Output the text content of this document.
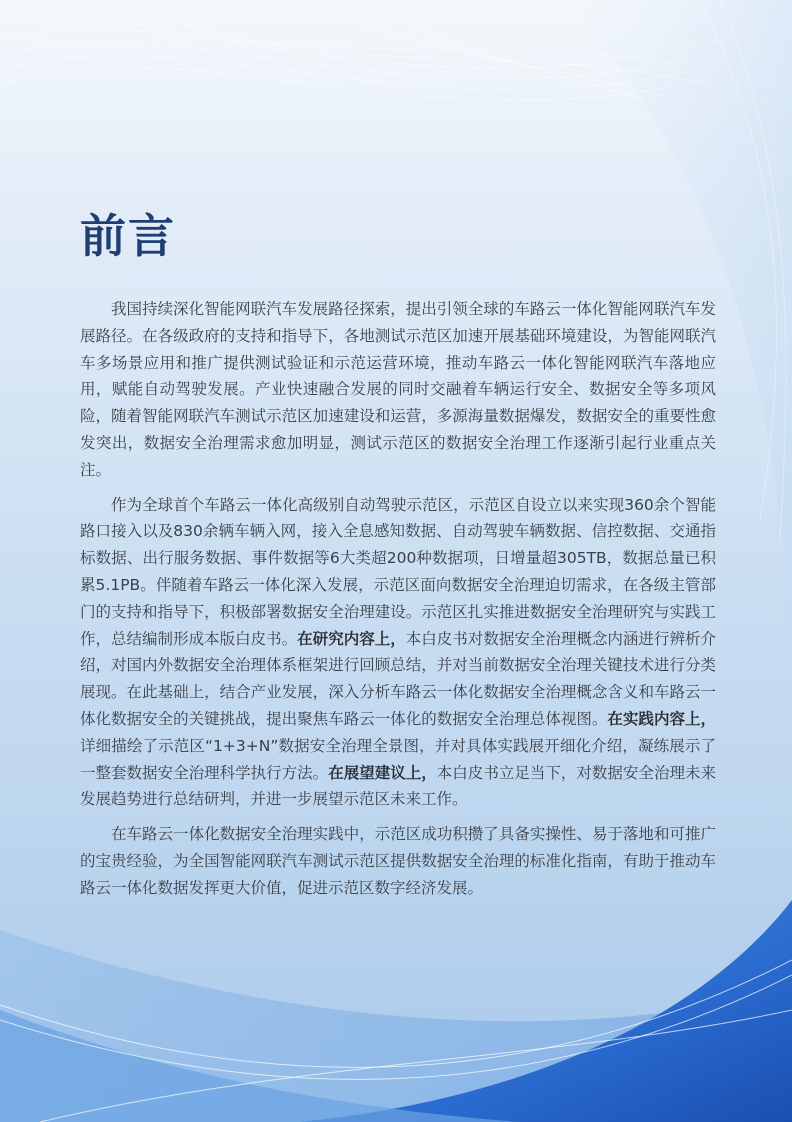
前言

我国持续深化智能网联汽车发展路径探索，提出引领全球的车路云一体化智能网联汽车发展路径。在各级政府的支持和指导下，各地测试示范区加速开展基础环境建设，为智能网联汽车多场景应用和推广提供测试验证和示范运营环境，推动车路云一体化智能网联汽车落地应用，赋能自动驾驶发展。产业快速融合发展的同时交融着车辆运行安全、数据安全等多项风险，随着智能网联汽车测试示范区加速建设和运营，多源海量数据爆发，数据安全的重要性愈发突出，数据安全治理需求愈加明显，测试示范区的数据安全治理工作逐渐引起行业重点关注。

作为全球首个车路云一体化高级别自动驾驶示范区，示范区自设立以来实现360余个智能路口接入以及830余辆车辆入网，接入全息感知数据、自动驾驶车辆数据、信控数据、交通指标数据、出行服务数据、事件数据等6大类超200种数据项，日增量超305TB，数据总量已积累5.1PB。伴随着车路云一体化深入发展，示范区面向数据安全治理迫切需求，在各级主管部门的支持和指导下，积极部署数据安全治理建设。示范区扎实推进数据安全治理研究与实践工作，总结编制形成本版白皮书。在研究内容上，本白皮书对数据安全治理概念内涵进行辨析介绍，对国内外数据安全治理体系框架进行回顾总结，并对当前数据安全治理关键技术进行分类展现。在此基础上，结合产业发展，深入分析车路云一体化数据安全治理概念含义和车路云一体化数据安全的关键挑战，提出聚焦车路云一体化的数据安全治理总体视图。在实践内容上，详细描绘了示范区“1+3+N”数据安全治理全景图，并对具体实践展开细化介绍，凝练展示了一整套数据安全治理科学执行方法。在展望建议上，本白皮书立足当下，对数据安全治理未来发展趋势进行总结研判，并进一步展望示范区未来工作。

在车路云一体化数据安全治理实践中，示范区成功积攒了具备实操性、易于落地和可推广的宝贵经验，为全国智能网联汽车测试示范区提供数据安全治理的标准化指南，有助于推动车路云一体化数据发挥更大价值，促进示范区数字经济发展。
